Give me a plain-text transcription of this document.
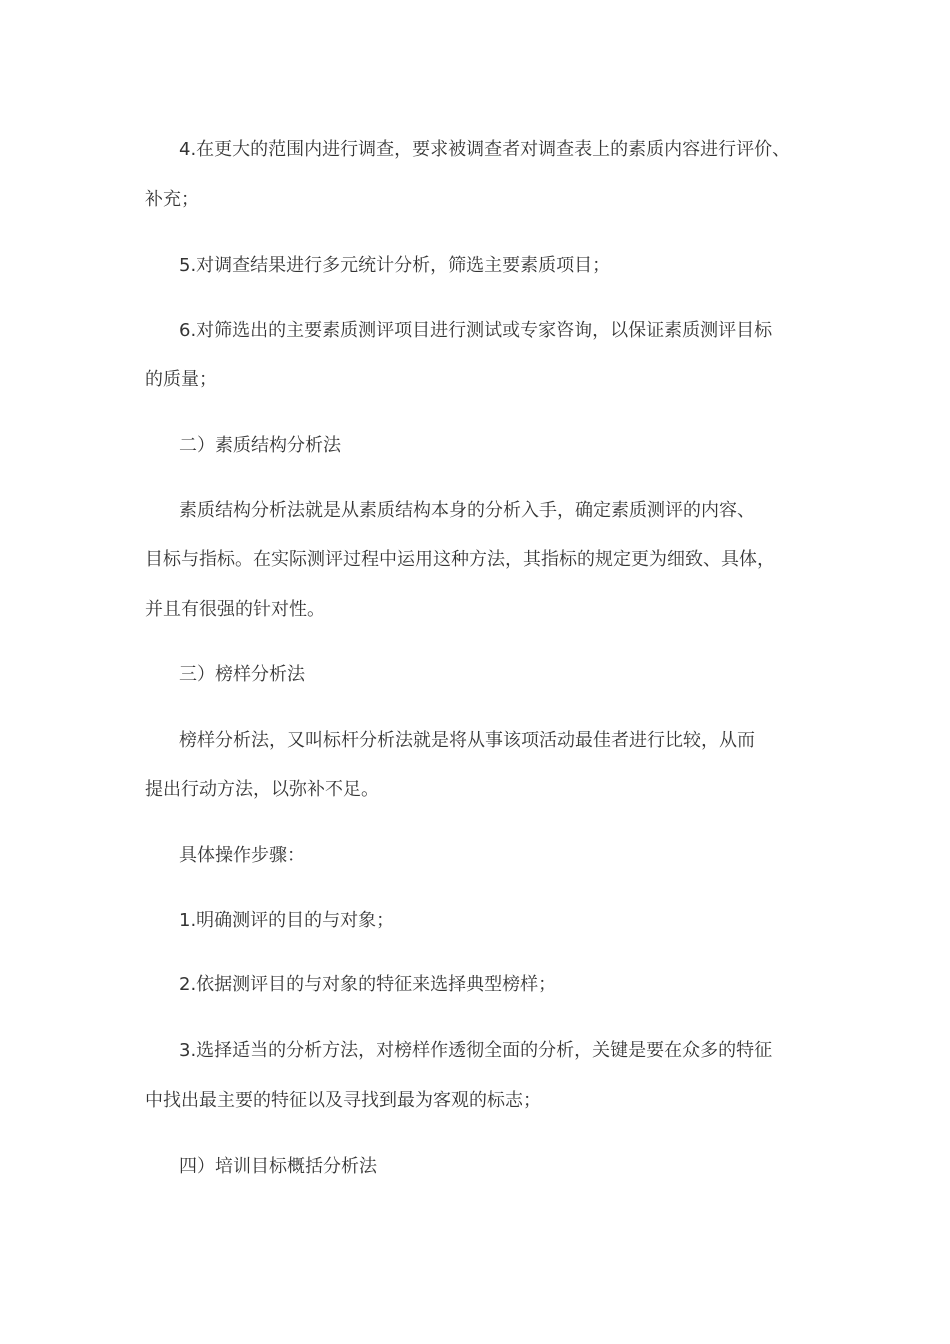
4.在更大的范围内进行调查，要求被调查者对调查表上的素质内容进行评价、
补充；
5.对调查结果进行多元统计分析，筛选主要素质项目；
6.对筛选出的主要素质测评项目进行测试或专家咨询，以保证素质测评目标
的质量；
二）素质结构分析法
素质结构分析法就是从素质结构本身的分析入手，确定素质测评的内容、
目标与指标。在实际测评过程中运用这种方法，其指标的规定更为细致、具体，
并且有很强的针对性。
三）榜样分析法
榜样分析法，又叫标杆分析法就是将从事该项活动最佳者进行比较，从而
提出行动方法，以弥补不足。
具体操作步骤：
1.明确测评的目的与对象；
2.依据测评目的与对象的特征来选择典型榜样；
3.选择适当的分析方法，对榜样作透彻全面的分析，关键是要在众多的特征
中找出最主要的特征以及寻找到最为客观的标志；
四）培训目标概括分析法
